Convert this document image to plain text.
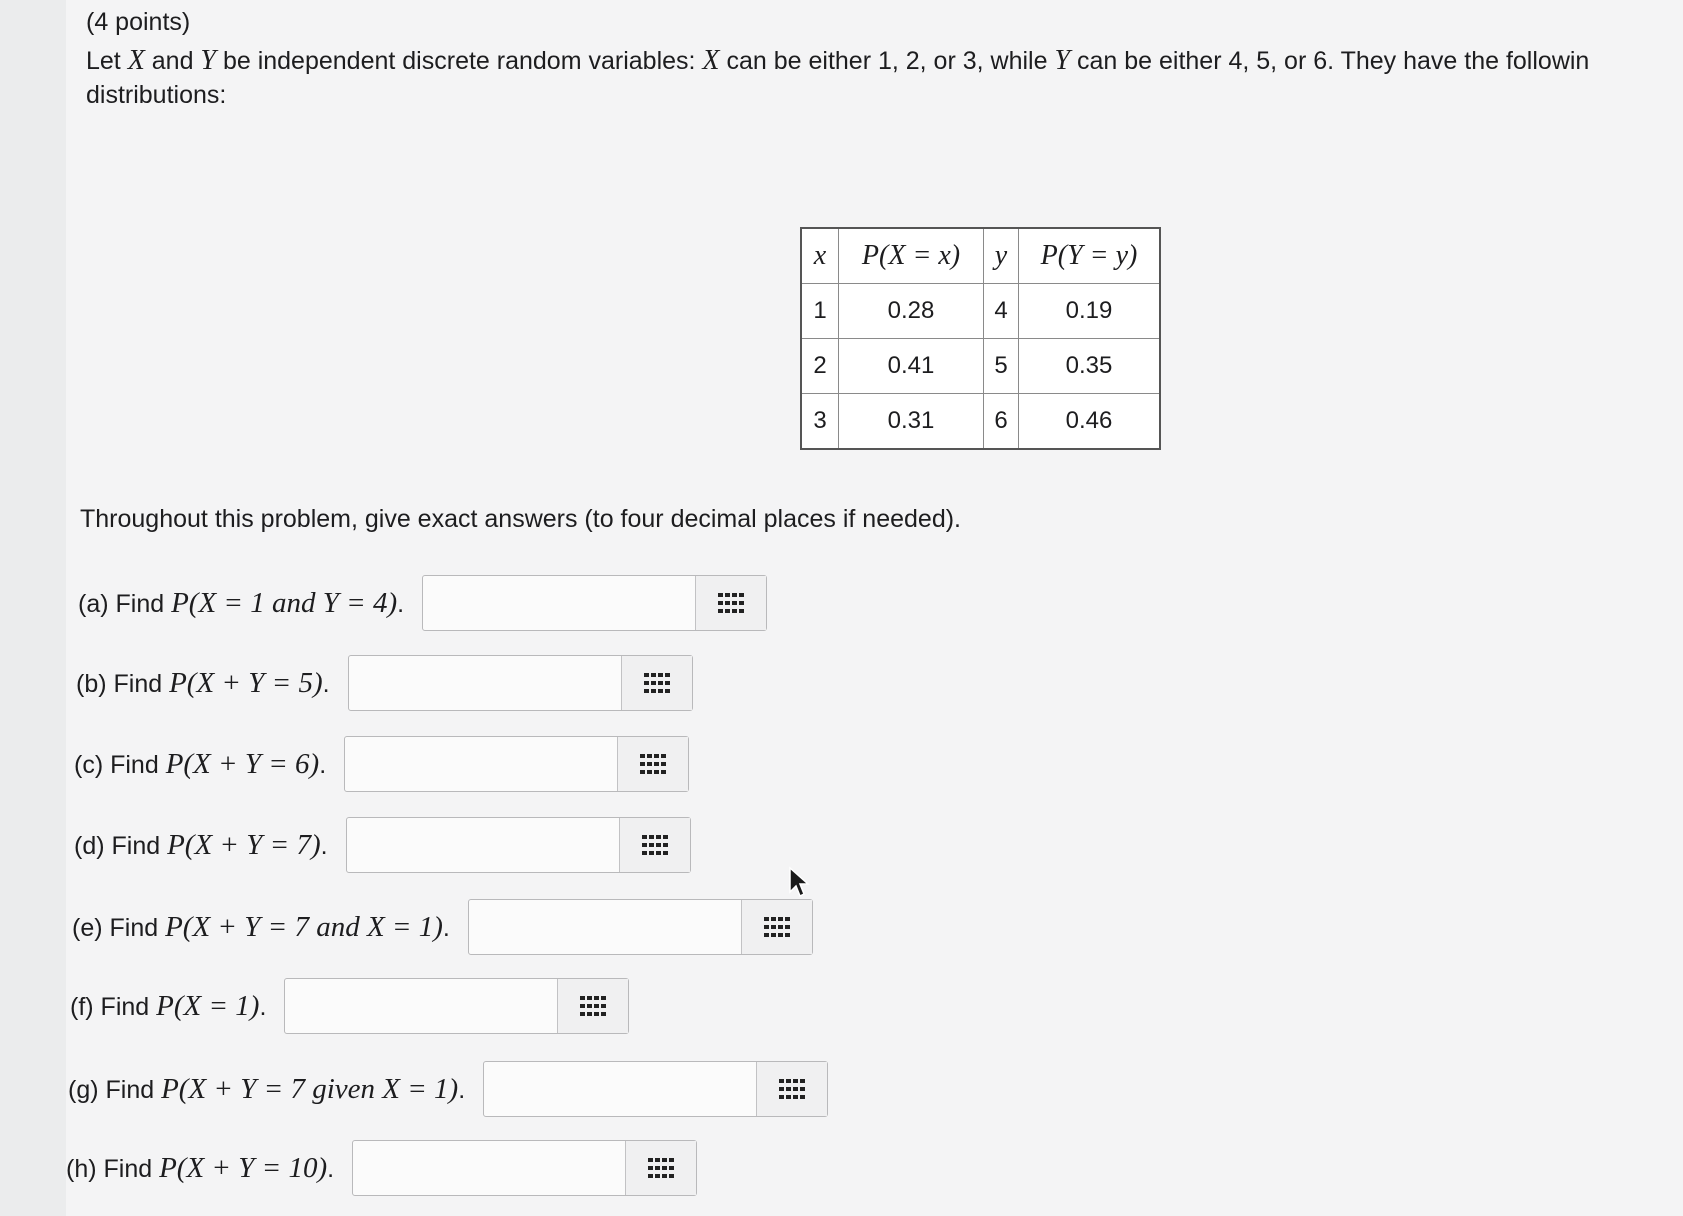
(4 points)
Let X and Y be independent discrete random variables: X can be either 1, 2, or 3, while Y can be either 4, 5, or 6. They have the followin
distributions:
x	P(X = x)	y	P(Y = y)
1	0.28	4	0.19
2	0.41	5	0.35
3	0.31	6	0.46
Throughout this problem, give exact answers (to four decimal places if needed).
(a) Find P(X = 1 and Y = 4).
(b) Find P(X + Y = 5).
(c) Find P(X + Y = 6).
(d) Find P(X + Y = 7).
(e) Find P(X + Y = 7 and X = 1).
(f) Find P(X = 1).
(g) Find P(X + Y = 7 given X = 1).
(h) Find P(X + Y = 10).
